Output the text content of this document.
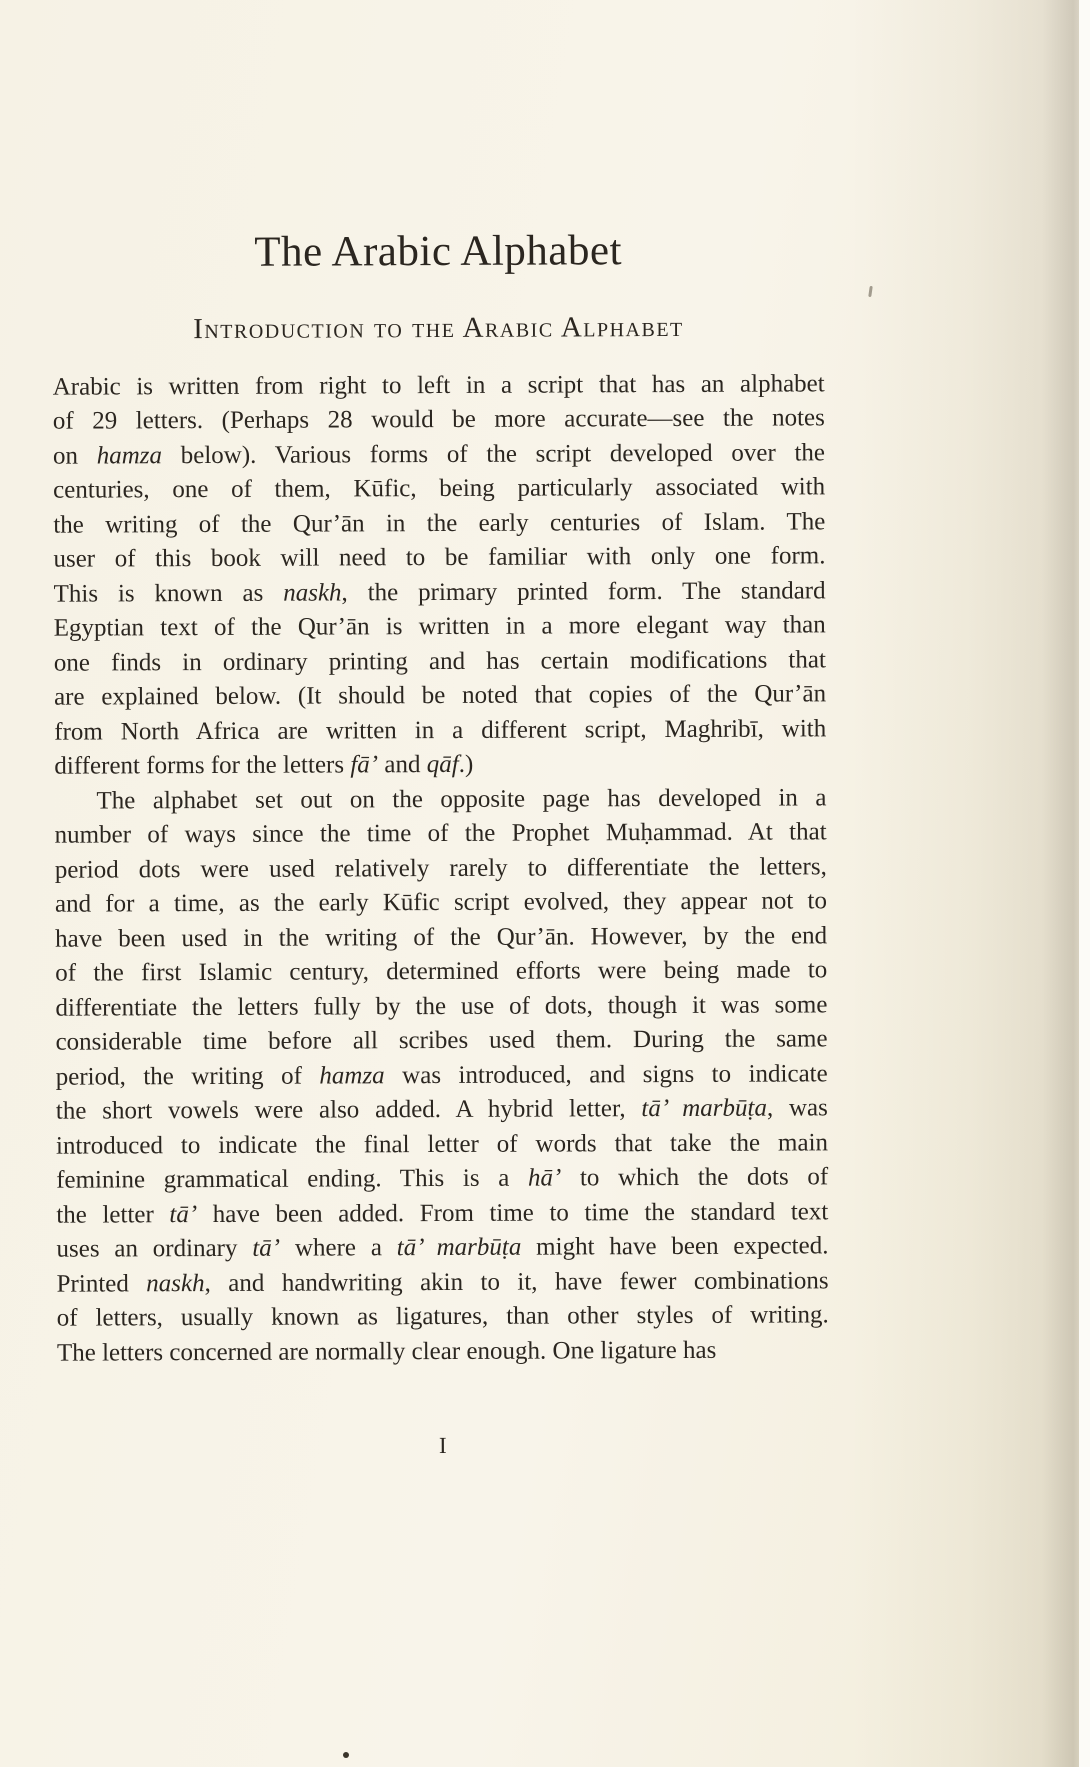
The Arabic Alphabet
Introduction to the Arabic Alphabet
Arabic is written from right to left in a script that has an alphabet
of 29 letters. (Perhaps 28 would be more accurate—see the notes
on hamza below). Various forms of the script developed over the
centuries, one of them, Kūfic, being particularly associated with
the writing of the Qur’ān in the early centuries of Islam. The
user of this book will need to be familiar with only one form.
This is known as naskh, the primary printed form. The standard
Egyptian text of the Qur’ān is written in a more elegant way than
one finds in ordinary printing and has certain modifications that
are explained below. (It should be noted that copies of the Qur’ān
from North Africa are written in a different script, Maghribī, with
different forms for the letters fā’ and qāf.)
The alphabet set out on the opposite page has developed in a
number of ways since the time of the Prophet Muḥammad. At that
period dots were used relatively rarely to differentiate the letters,
and for a time, as the early Kūfic script evolved, they appear not to
have been used in the writing of the Qur’ān. However, by the end
of the first Islamic century, determined efforts were being made to
differentiate the letters fully by the use of dots, though it was some
considerable time before all scribes used them. During the same
period, the writing of hamza was introduced, and signs to indicate
the short vowels were also added. A hybrid letter, tā’ marbūṭa, was
introduced to indicate the final letter of words that take the main
feminine grammatical ending. This is a hā’ to which the dots of
the letter tā’ have been added. From time to time the standard text
uses an ordinary tā’ where a tā’ marbūṭa might have been expected.
Printed naskh, and handwriting akin to it, have fewer combinations
of letters, usually known as ligatures, than other styles of writing.
The letters concerned are normally clear enough. One ligature has
I
